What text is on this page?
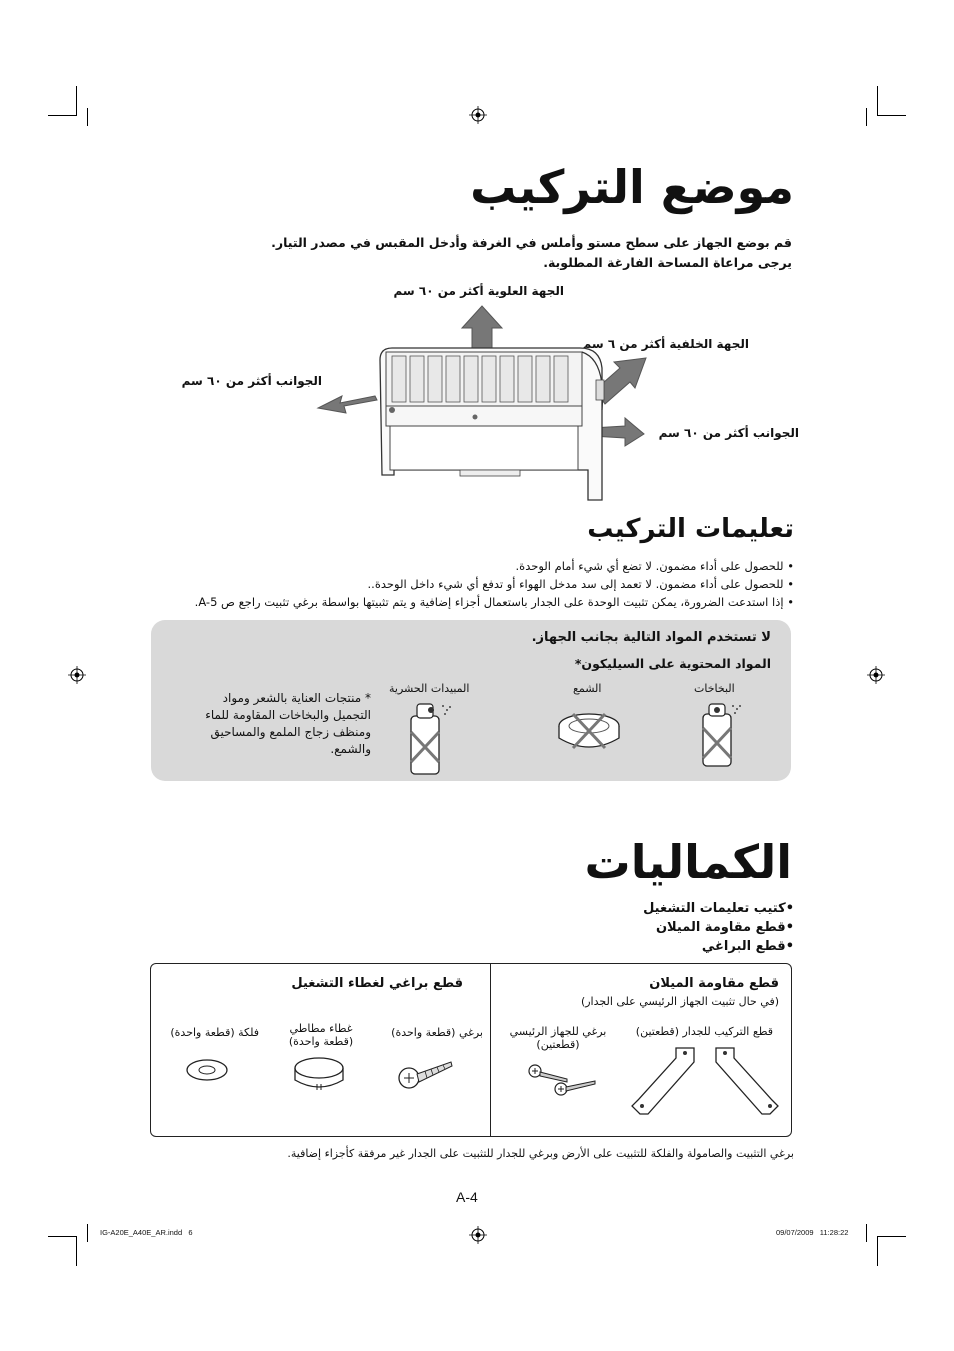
موضع التركيب
قم بوضع الجهاز على سطح مستو وأملس في الغرفة وأدخل المقبس في مصدر التيار.
يرجى مراعاة المساحة الفارغة المطلوبة.
الجهة العلوية أكثر من ٦٠ سم
الجهة الخلفية أكثر من ٦ سم
الجوانب أكثر من ٦٠ سم
الجوانب أكثر من ٦٠ سم
تعليمات التركيب
• للحصول على أداء مضمون. لا تضع أي شيء أمام الوحدة.
• للحصول على أداء مضمون. لا تعمد إلى سد مدخل الهواء أو تدفع أي شيء داخل الوحدة..
• إذا استدعت الضرورة، يمكن تثبيت الوحدة على الجدار باستعمال أجزاء إضافية و يتم تثبيتها بواسطة برغي تثبيت راجع ص A-5.
لا تستخدم المواد التالية بجانب الجهاز.
المواد المحتوية على السيليكون*
البخاخات
الشمع
المبيدات الحشرية
* منتجات العناية بالشعر ومواد
التجميل والبخاخات المقاومة للماء
ومنظف زجاج الملمع والمساحيق
والشمع.
الكماليات
•كتيب تعليمات التشغيل
•قطع مقاومة الميلان
•قطع البراغي
قطع مقاومة الميلان
(في حال تثبيت الجهاز الرئيسي على الجدار)
قطع التركيب للجدار (قطعتين)
برغي للجهاز الرئيسي
(قطعتين)
قطع براغي لغطاء التشغيل
برغي (قطعة واحدة)
غطاء مطاطي
(قطعة واحدة)
فلكة (قطعة واحدة)
برغي التثبيت والصامولة والفلكة للتثبيت على الأرض وبرغي للجدار للتثبيت على الجدار غير مرفقة كأجزاء إضافية.
A-4
IG-A20E_A40E_AR.indd   6	09/07/2009   11:28:22
